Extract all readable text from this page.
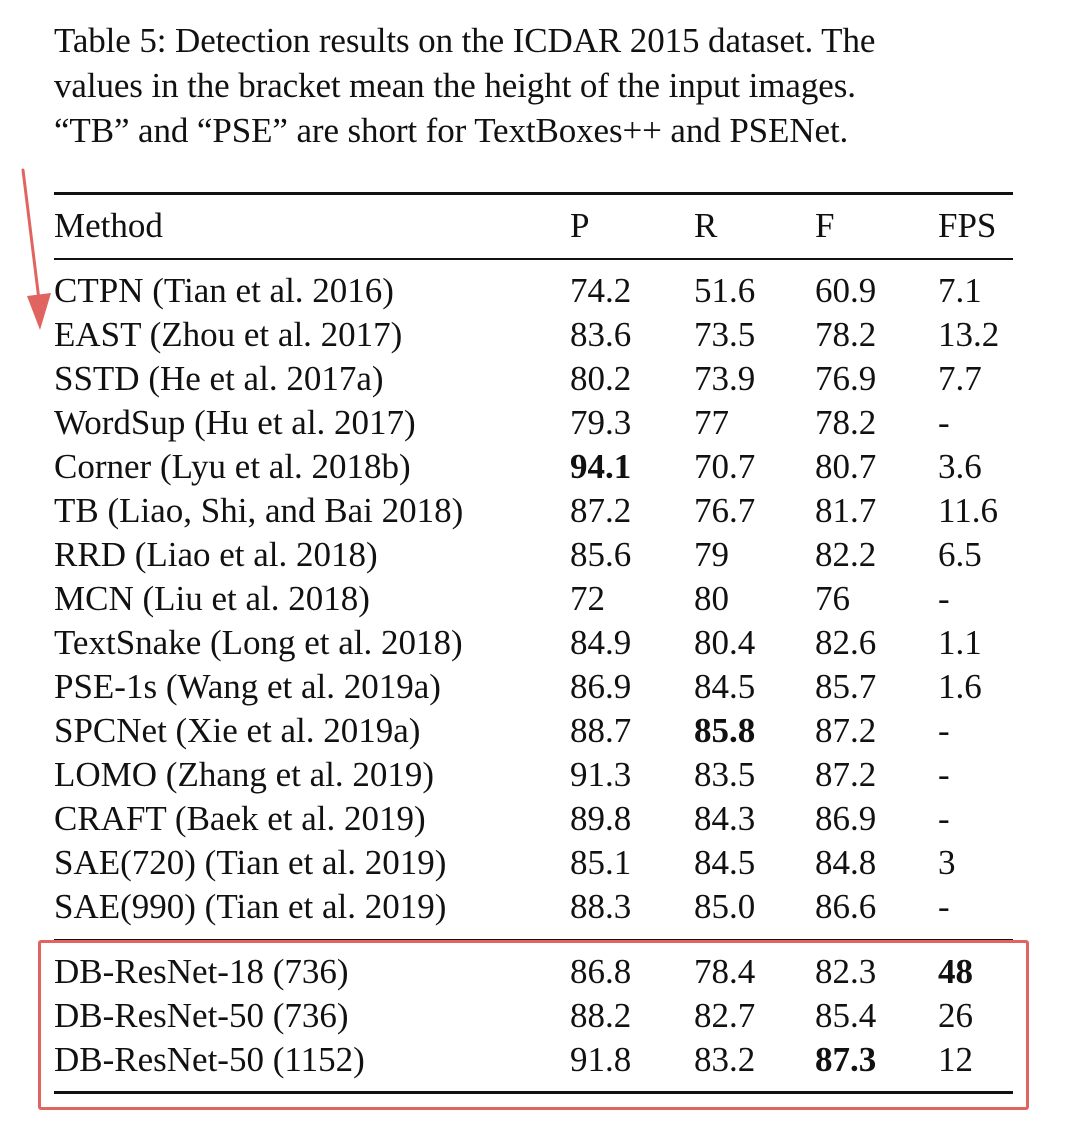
Table 5: Detection results on the ICDAR 2015 dataset. The
values in the bracket mean the height of the input images.
“TB” and “PSE” are short for TextBoxes++ and PSENet.
Method	P	R	F	FPS
CTPN (Tian et al. 2016)	74.2 51.6 60.9 7.1
EAST (Zhou et al. 2017)	83.6 73.5 78.2 13.2
SSTD (He et al. 2017a)	80.2 73.9 76.9 7.7
WordSup (Hu et al. 2017)	79.3 77 78.2 -
Corner (Lyu et al. 2018b)	94.1 70.7 80.7 3.6
TB (Liao, Shi, and Bai 2018)	87.2 76.7 81.7 11.6
RRD (Liao et al. 2018)	85.6 79 82.2 6.5
MCN (Liu et al. 2018)	72	80 76	-
TextSnake (Long et al. 2018)	84.9 80.4 82.6 1.1
PSE-1s (Wang et al. 2019a)	86.9 84.5 85.7 1.6
SPCNet (Xie et al. 2019a)	88.7 85.8 87.2 -
LOMO (Zhang et al. 2019)	91.3 83.5 87.2 -
CRAFT (Baek et al. 2019)	89.8 84.3 86.9 -
SAE(720) (Tian et al. 2019)	85.1 84.5 84.8 3
SAE(990) (Tian et al. 2019)	88.3 85.0 86.6 -
DB-ResNet-18 (736)	86.8 78.4 82.3 48
DB-ResNet-50 (736)	88.2 82.7 85.4 26
DB-ResNet-50 (1152)	91.8 83.2 87.3 12
